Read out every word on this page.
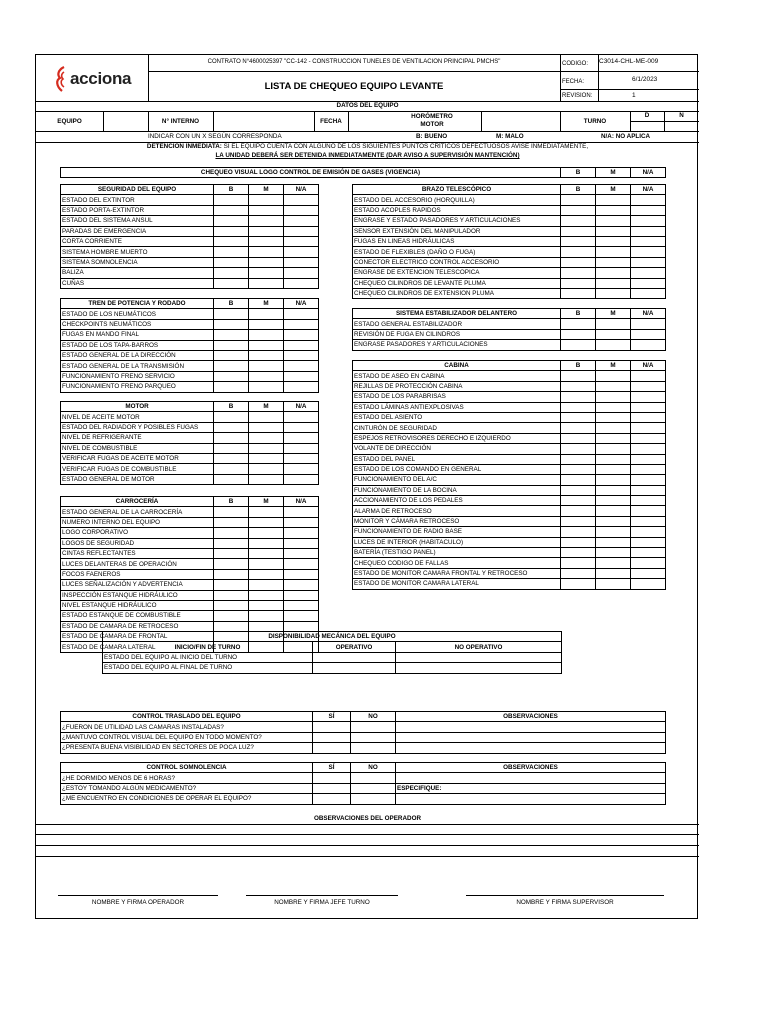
acciona
CONTRATO N°4600025397 "CC-142 - CONSTRUCCION TUNELES DE VENTILACION PRINCIPAL PMCHS"
LISTA DE CHEQUEO EQUIPO LEVANTE
CODIGO: C3014-CHL-ME-009
FECHA:	6/1/2023
REVISION:	1
DATOS DEL EQUIPO
EQUIPO	N° INTERNO	FECHA
HORÓMETRO MOTOR	TURNO
D	N
INDICAR CON UN X SEGÚN CORRESPONDA	B: BUENO	M: MALO	N/A: NO APLICA
DETENCIÓN INMEDIATA: SI EL EQUIPO CUENTA CON ALGUNO DE LOS SIGUIENTES PUNTOS CRÍTICOS DEFECTUOSOS AVISE INMEDIATAMENTE,
LA UNIDAD DEBERÁ SER DETENIDA INMEDIATAMENTE (DAR AVISO A SUPERVISIÓN MANTENCIÓN)
CHEQUEO VISUAL LOGO CONTROL DE EMISIÓN DE GASES (VIGENCIA)	B	M	N/A
SEGURIDAD DEL EQUIPO	B	M	N/A
ESTADO DEL EXTINTOR			
ESTADO PORTA-EXTINTOR			
ESTADO DEL SISTEMA ANSUL			
PARADAS DE EMERGENCIA			
CORTA CORRIENTE			
SISTEMA HOMBRE MUERTO			
SISTEMA SOMNOLENCIA			
BALIZA			
CUÑAS			
TREN DE POTENCIA Y RODADO	B	M	N/A
ESTADO DE LOS NEUMÁTICOS			
CHECKPOINTS NEUMÁTICOS			
FUGAS EN MANDO FINAL			
ESTADO DE LOS TAPA-BARROS			
ESTADO GENERAL DE LA DIRECCIÓN			
ESTADO GENERAL DE LA TRANSMISIÓN			
FUNCIONAMIENTO FRENO SERVICIO			
FUNCIONAMIENTO FRENO PARQUEO			
MOTOR	B	M	N/A
NIVEL DE ACEITE MOTOR			
ESTADO DEL RADIADOR Y POSIBLES FUGAS			
NIVEL DE REFRIGERANTE			
NIVEL DE COMBUSTIBLE			
VERIFICAR FUGAS DE ACEITE MOTOR			
VERIFICAR FUGAS DE COMBUSTIBLE			
ESTADO GENERAL DE MOTOR			
CARROCERÍA	B	M	N/A
ESTADO GENERAL DE LA CARROCERÍA			
NUMERO INTERNO DEL EQUIPO			
LOGO CORPORATIVO			
LOGOS DE SEGURIDAD			
CINTAS REFLECTANTES			
LUCES DELANTERAS DE OPERACIÓN			
FOCOS FAENEROS			
LUCES SEÑALIZACIÓN Y ADVERTENCIA			
INSPECCIÓN ESTANQUE HIDRÁULICO			
NIVEL ESTANQUE HIDRÁULICO			
ESTADO ESTANQUE DE COMBUSTIBLE			
ESTADO DE CAMARA DE RETROCESO			
ESTADO DE CAMARA DE FRONTAL			
ESTADO DE CAMARA LATERAL			
BRAZO TELESCÓPICO	B	M	N/A
ESTADO DEL ACCESORIO (HORQUILLA)			
ESTADO ACOPLES RAPIDOS			
ENGRASE Y ESTADO PASADORES Y ARTICULACIONES			
SENSOR EXTENSIÓN DEL MANIPULADOR			
FUGAS EN LINEAS HIDRÁULICAS			
ESTADO DE FLEXIBLES (DAÑO O FUGA)			
CONECTOR ELECTRICO CONTROL ACCESORIO			
ENGRASE DE EXTENCION TELESCOPICA			
CHEQUEO CILINDROS DE LEVANTE PLUMA			
CHEQUEO CILINDROS DE EXTENSION PLUMA			
SISTEMA ESTABILIZADOR DELANTERO	B	M	N/A
ESTADO GENERAL ESTABILIZADOR			
REVISIÓN DE FUGA EN CILINDROS			
ENGRASE PASADORES Y ARTICULACIONES			
CABINA	B	M	N/A
ESTADO DE ASEO EN CABINA			
REJILLAS DE PROTECCIÓN CABINA			
ESTADO DE LOS PARABRISAS			
ESTADO LÁMINAS ANTIEXPLOSIVAS			
ESTADO DEL ASIENTO			
CINTURÓN DE SEGURIDAD			
ESPEJOS RETROVISORES DERECHO E IZQUIERDO			
VOLANTE DE DIRECCIÓN			
ESTADO DEL PANEL			
ESTADO DE LOS COMANDO EN GENERAL			
FUNCIONAMIENTO DEL A/C			
FUNCIONAMIENTO DE LA BOCINA			
ACCIONAMIENTO DE LOS PEDALES			
ALARMA DE RETROCESO			
MONITOR Y CÁMARA RETROCESO			
FUNCIONAMIENTO DE RADIO BASE			
LUCES DE INTERIOR (HABITACULO)			
BATERÍA (TESTIGO PANEL)			
CHEQUEO CODIGO DE FALLAS			
ESTADO DE MONITOR CAMARA FRONTAL Y RETROCESO			
ESTADO DE MONITOR CAMARA LATERAL			
DISPONIBILIDAD MECÁNICA DEL EQUIPO		
INICIO/FIN DE TURNO	OPERATIVO	NO OPERATIVO
ESTADO DEL EQUIPO AL INICIO DEL TURNO		
ESTADO DEL EQUIPO AL FINAL DE TURNO		
CONTROL TRASLADO DEL EQUIPO	SÍ	NO	OBSERVACIONES
¿FUERON DE UTILIDAD LAS CAMARAS INSTALADAS?			
¿MANTUVO CONTROL VISUAL DEL EQUIPO EN TODO MOMENTO?			
¿PRESENTA BUENA VISIBILIDAD EN SECTORES DE POCA LUZ?			
CONTROL SOMNOLENCIA	SÍ	NO	OBSERVACIONES
¿HE DORMIDO MENOS DE 6 HORAS?			
¿ESTOY TOMANDO ALGÚN MEDICAMENTO?			ESPECIFIQUE:
¿ME ENCUENTRO EN CONDICIONES DE OPERAR EL EQUIPO?			
OBSERVACIONES DEL OPERADOR
NOMBRE Y FIRMA OPERADOR	NOMBRE Y FIRMA JEFE TURNO	NOMBRE Y FIRMA SUPERVISOR
